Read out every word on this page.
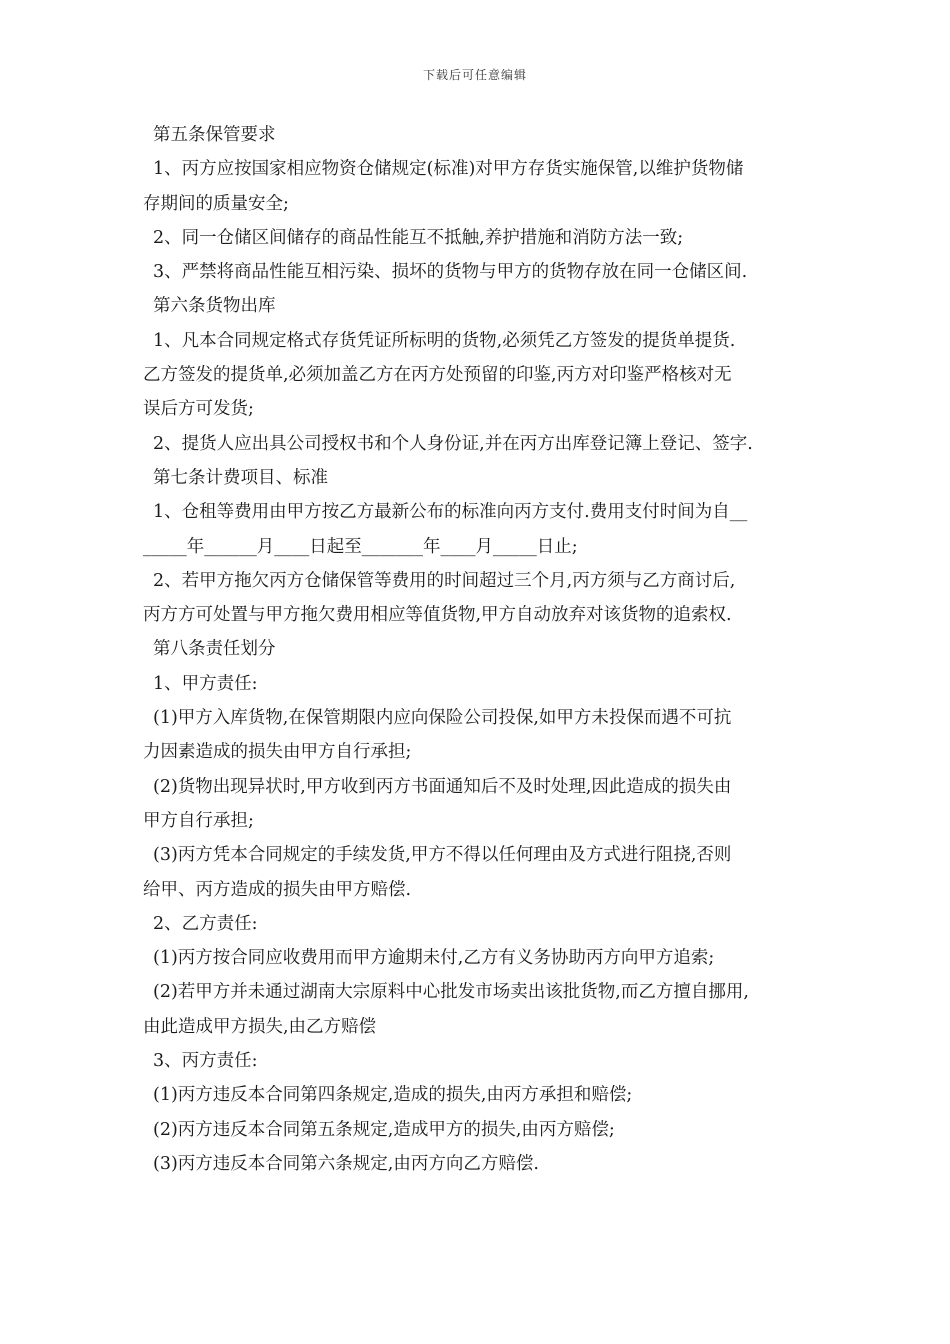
下载后可任意编辑
第五条保管要求
1、丙方应按国家相应物资仓储规定(标准)对甲方存货实施保管,以维护货物储
存期间的质量安全;
2、同一仓储区间储存的商品性能互不抵触,养护措施和消防方法一致;
3、严禁将商品性能互相污染、损坏的货物与甲方的货物存放在同一仓储区间.
第六条货物出库
1、凡本合同规定格式存货凭证所标明的货物,必须凭乙方签发的提货单提货.
乙方签发的提货单,必须加盖乙方在丙方处预留的印鉴,丙方对印鉴严格核对无
误后方可发货;
2、提货人应出具公司授权书和个人身份证,并在丙方出库登记簿上登记、签字.
第七条计费项目、标准
1、仓租等费用由甲方按乙方最新公布的标准向丙方支付.费用支付时间为自__
_____年______月____日起至_______年____月_____日止;
2、若甲方拖欠丙方仓储保管等费用的时间超过三个月,丙方须与乙方商讨后,
丙方方可处置与甲方拖欠费用相应等值货物,甲方自动放弃对该货物的追索权.
第八条责任划分
1、甲方责任:
(1)甲方入库货物,在保管期限内应向保险公司投保,如甲方未投保而遇不可抗
力因素造成的损失由甲方自行承担;
(2)货物出现异状时,甲方收到丙方书面通知后不及时处理,因此造成的损失由
甲方自行承担;
(3)丙方凭本合同规定的手续发货,甲方不得以任何理由及方式进行阻挠,否则
给甲、丙方造成的损失由甲方赔偿.
2、乙方责任:
(1)丙方按合同应收费用而甲方逾期未付,乙方有义务协助丙方向甲方追索;
(2)若甲方并未通过湖南大宗原料中心批发市场卖出该批货物,而乙方擅自挪用,
由此造成甲方损失,由乙方赔偿
3、丙方责任:
(1)丙方违反本合同第四条规定,造成的损失,由丙方承担和赔偿;
(2)丙方违反本合同第五条规定,造成甲方的损失,由丙方赔偿;
(3)丙方违反本合同第六条规定,由丙方向乙方赔偿.
